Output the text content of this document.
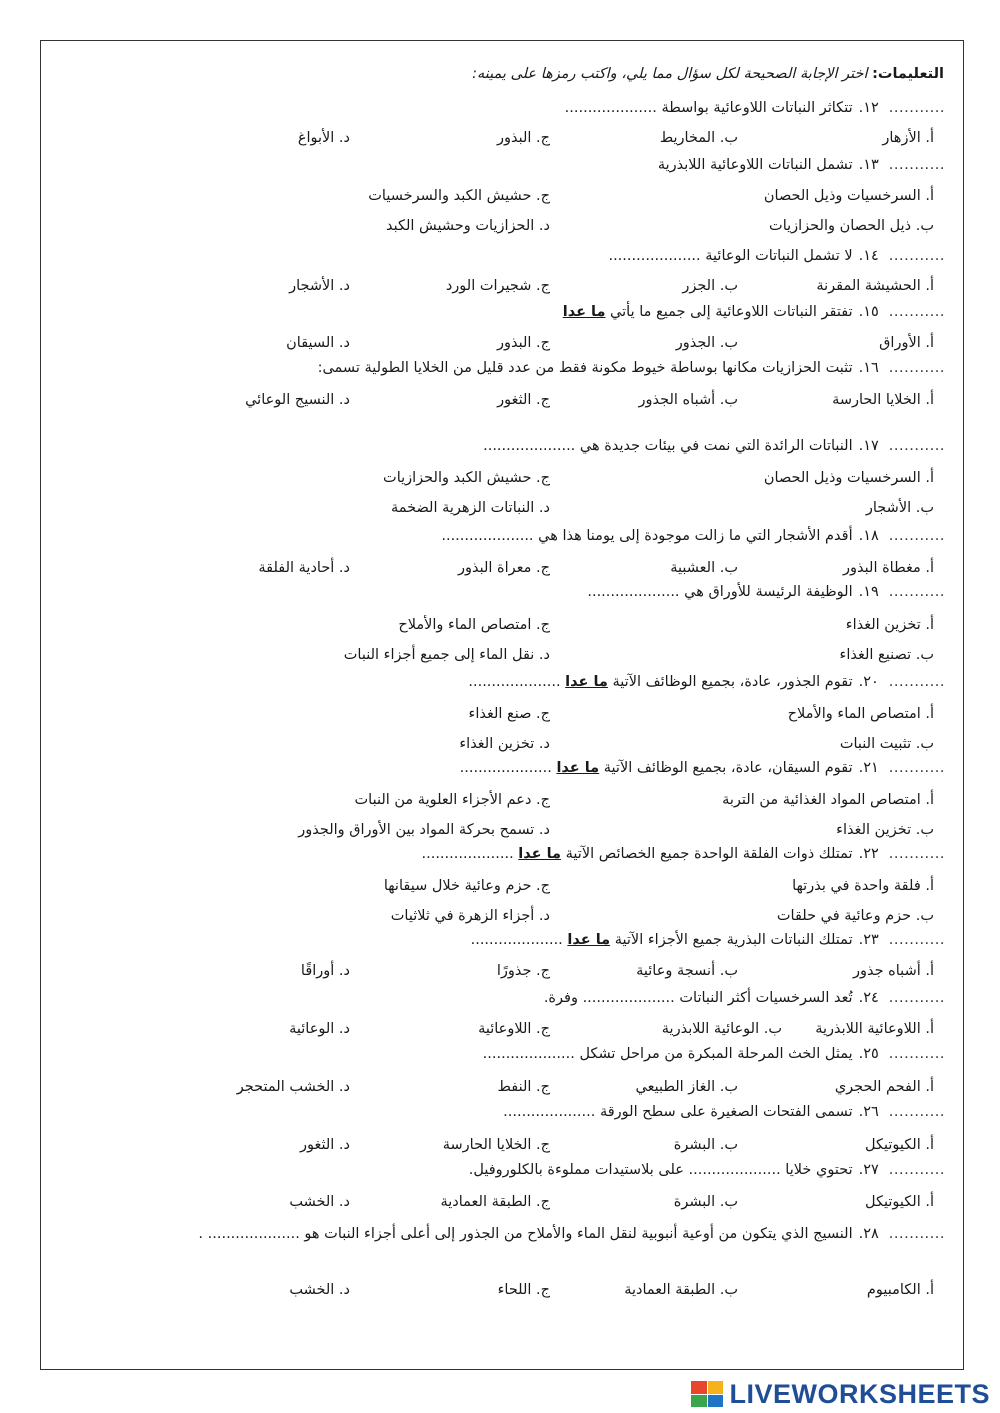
التعليمات: اختر الإجابة الصحيحة لكل سؤال مما يلي، واكتب رمزها على يمينه:
...........١٢.تتكاثر النباتات اللاوعائية بواسطة ....................
...........١٣.تشمل النباتات اللاوعائية اللابذرية
...........١٤.لا تشمل النباتات الوعائية ....................
...........١٥.تفتقر النباتات اللاوعائية إلى جميع ما يأتي ما عدا
...........١٦.تثبت الحزازيات مكانها بوساطة خيوط مكونة فقط من عدد قليل من الخلايا الطولية تسمى:
...........١٧.النباتات الرائدة التي نمت في بيئات جديدة هي ....................
...........١٨.أقدم الأشجار التي ما زالت موجودة إلى يومنا هذا هي ....................
...........١٩.الوظيفة الرئيسة للأوراق هي ....................
...........٢٠.تقوم الجذور، عادة، بجميع الوظائف الآتية ما عدا ....................
...........٢١.تقوم السيقان، عادة، بجميع الوظائف الآتية ما عدا ....................
...........٢٢.تمتلك ذوات الفلقة الواحدة جميع الخصائص الآتية ما عدا ....................
...........٢٣.تمتلك النباتات البذرية جميع الأجزاء الآتية ما عدا ....................
...........٢٤.تُعد السرخسيات أكثر النباتات .................... وفرة.
...........٢٥.يمثل الخث المرحلة المبكرة من مراحل تشكل ....................
...........٢٦.تسمى الفتحات الصغيرة على سطح الورقة ....................
...........٢٧.تحتوي خلايا .................... على بلاستيدات مملوءة بالكلوروفيل.
...........٢٨.النسيج الذي يتكون من أوعية أنبوبية لنقل الماء والأملاح من الجذور إلى أعلى أجزاء النبات هو .................... .
أ. الأزهار
ب. المخاريط
ج. البذور
د. الأبواغ
أ. السرخسيات وذيل الحصان
ب. ذيل الحصان والحزازيات
ج. حشيش الكبد والسرخسيات
د. الحزازيات وحشيش الكبد
أ. الحشيشة المقرنة
ب. الجزر
ج. شجيرات الورد
د. الأشجار
أ. الأوراق
ب. الجذور
ج. البذور
د. السيقان
أ. الخلايا الحارسة
ب. أشباه الجذور
ج. الثغور
د. النسيج الوعائي
أ. السرخسيات وذيل الحصان
ب. الأشجار
ج. حشيش الكبد والحزازيات
د. النباتات الزهرية الضخمة
أ. مغطاة البذور
ب. العشبية
ج. معراة البذور
د. أحادية الفلقة
أ. تخزين الغذاء
ب. تصنيع الغذاء
ج. امتصاص الماء والأملاح
د. نقل الماء إلى جميع أجزاء النبات
أ. امتصاص الماء والأملاح
ب. تثبيت النبات
ج. صنع الغذاء
د. تخزين الغذاء
أ. امتصاص المواد الغذائية من التربة
ب. تخزين الغذاء
ج. دعم الأجزاء العلوية من النبات
د. تسمح بحركة المواد بين الأوراق والجذور
أ. فلقة واحدة في بذرتها
ب. حزم وعائية في حلقات
ج. حزم وعائية خلال سيقانها
د. أجزاء الزهرة في ثلاثيات
أ. أشباه جذور
ب. أنسجة وعائية
ج. جذورًا
د. أوراقًا
أ. اللاوعائية اللابذرية
ب. الوعائية اللابذرية
ج. اللاوعائية
د. الوعائية
أ. الفحم الحجري
ب. الغاز الطبيعي
ج. النفط
د. الخشب المتحجر
أ. الكيوتيكل
ب. البشرة
ج. الخلايا الحارسة
د. الثغور
أ. الكيوتيكل
ب. البشرة
ج. الطبقة العمادية
د. الخشب
أ. الكامبيوم
ب. الطبقة العمادية
ج. اللحاء
د. الخشب
LIVEWORKSHEETS
